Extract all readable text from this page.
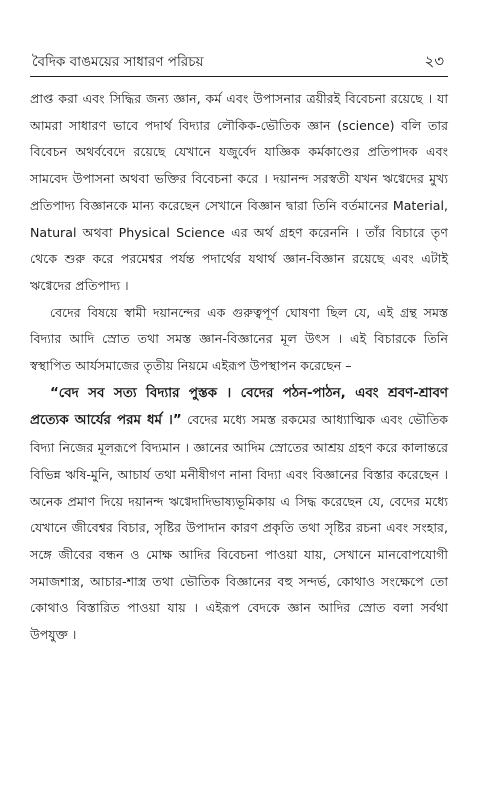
বৈদিক বাঙময়ের সাধারণ পরিচয়	২৩

প্রাপ্ত করা এবং সিদ্ধির জন্য জ্ঞান, কর্ম এবং উপাসনার ত্রয়ীরই বিবেচনা রয়েছে । যা আমরা সাধারণ ভাবে পদার্থ বিদ্যার লৌকিক-ভৌতিক জ্ঞান (science) বলি তার বিবেচন অথর্ববেদে রয়েছে যেখানে যজুর্বেদ যাজ্ঞিক কর্মকাণ্ডের প্রতিপাদক এবং সামবেদ উপাসনা অথবা ভক্তির বিবেচনা করে । দয়ানন্দ সরস্বতী যখন ঋগ্বেদের মুখ্য প্রতিপাদ্য বিজ্ঞানকে মান্য করেছেন সেখানে বিজ্ঞান দ্বারা তিনি বর্তমানের Material, Natural অথবা Physical Science এর অর্থ গ্রহণ করেননি । তাঁর বিচারে তৃণ থেকে শুরু করে পরমেশ্বর পর্যন্ত পদার্থের যথার্থ জ্ঞান-বিজ্ঞান রয়েছে এবং এটাই ঋগ্বেদের প্রতিপাদ্য ।

বেদের বিষয়ে স্বামী দয়ানন্দের এক গুরুত্বপূর্ণ ঘোষণা ছিল যে, এই গ্রন্থ সমস্ত বিদ্যার আদি স্রোত তথা সমস্ত জ্ঞান-বিজ্ঞানের মূল উৎস । এই বিচারকে তিনি স্বস্থাপিত আর্যসমাজের তৃতীয় নিয়মে এইরূপ উপস্থাপন করেছেন –

“বেদ সব সত্য বিদ্যার পুস্তক । বেদের পঠন-পাঠন, এবং শ্রবণ-শ্রাবণ প্রত্যেক আর্যের পরম ধর্ম ।” বেদের মধ্যে সমস্ত রকমের আধ্যাত্মিক এবং ভৌতিক বিদ্যা নিজের মূলরূপে বিদ্যমান । জ্ঞানের আদিম স্রোতের আশ্রয় গ্রহণ করে কালান্তরে বিভিন্ন ঋষি-মুনি, আচার্য তথা মনীষীগণ নানা বিদ্যা এবং বিজ্ঞানের বিস্তার করেছেন । অনেক প্রমাণ দিয়ে দয়ানন্দ ঋগ্বেদাদিভাষ্যভূমিকায় এ সিদ্ধ করেছেন যে, বেদের মধ্যে যেখানে জীবেশ্বর বিচার, সৃষ্টির উপাদান কারণ প্রকৃতি তথা সৃষ্টির রচনা এবং সংহার, সঙ্গে জীবের বন্ধন ও মোক্ষ আদির বিবেচনা পাওয়া যায়, সেখানে মানবোপযোগী সমাজশাস্ত্র, আচার-শাস্ত্র তথা ভৌতিক বিজ্ঞানের বহু সন্দর্ভ, কোথাও সংক্ষেপে তো কোথাও বিস্তারিত পাওয়া যায় । এইরূপ বেদকে জ্ঞান আদির স্রোত বলা সর্বথা উপযুক্ত ।
